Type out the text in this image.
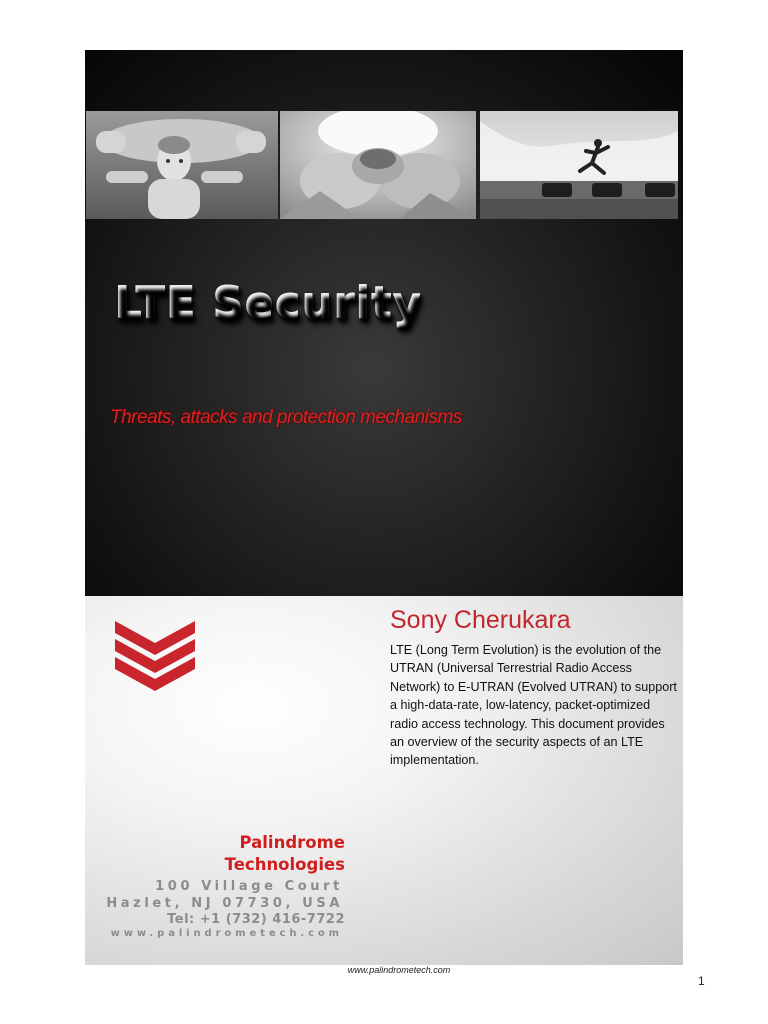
LTE Security
Threats, attacks and protection mechanisms
Sony Cherukara

LTE (Long Term Evolution) is the evolution of the UTRAN (Universal Terrestrial Radio Access Network) to E-UTRAN (Evolved UTRAN) to support a high-data-rate, low-latency, packet-optimized radio access technology. This document provides an overview of the security aspects of an LTE implementation.

Palindrome
Technologies
100 Village Court
Hazlet, NJ 07730, USA
Tel: +1 (732) 416-7722
www.palindrometech.com
www.palindrometech.com
1
